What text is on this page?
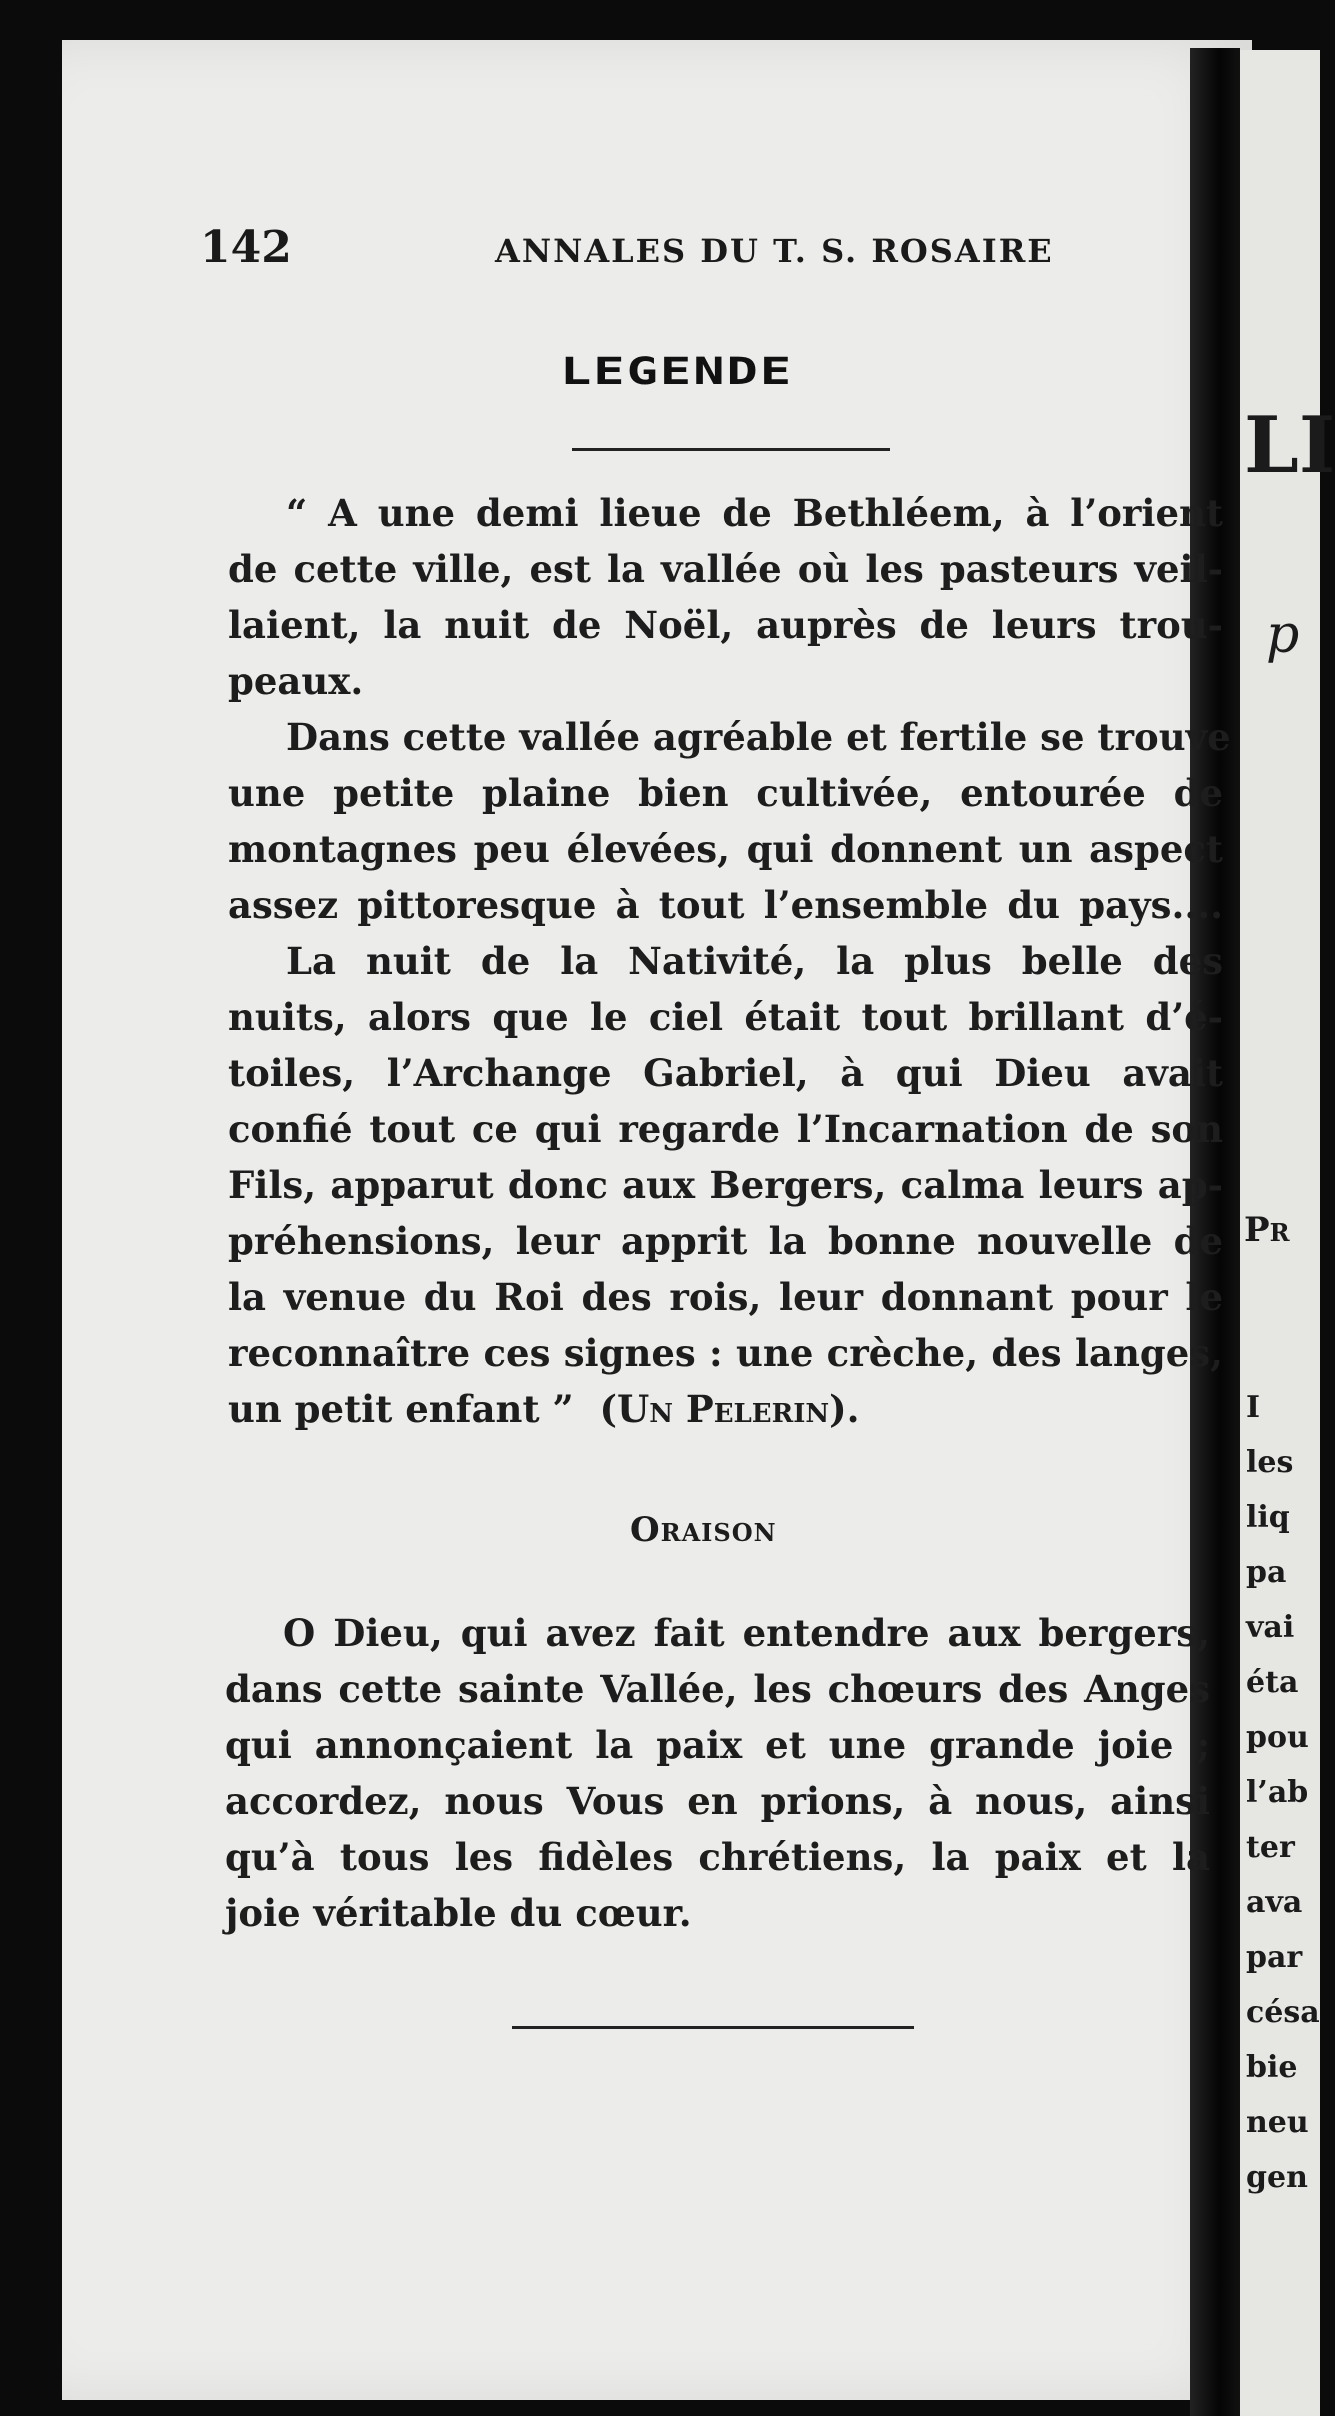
LI
p
Pr
I
les
liq
pa
vai
éta
pou
l’ab
ter
ava
par
césa
bie
neu
gen
142	ANNALES DU T. S. ROSAIRE
LEGENDE
“ A une demi lieue de Bethléem, à l’orient
de cette ville, est la vallée où les pasteurs veil-
laient, la nuit de Noël, auprès de leurs trou-
peaux.
Dans cette vallée agréable et fertile se trouve
une petite plaine bien cultivée, entourée de
montagnes peu élevées, qui donnent un aspect
assez pittoresque à tout l’ensemble du pays....
La nuit de la Nativité, la plus belle des
nuits, alors que le ciel était tout brillant d’é-
toiles, l’Archange Gabriel, à qui Dieu avait
confié tout ce qui regarde l’Incarnation de son
Fils, apparut donc aux Bergers, calma leurs ap-
préhensions, leur apprit la bonne nouvelle de
la venue du Roi des rois, leur donnant pour le
reconnaître ces signes : une crèche, des langes,
un petit enfant ” (Un Pelerin).
Oraison
O Dieu, qui avez fait entendre aux bergers,
dans cette sainte Vallée, les chœurs des Anges
qui annonçaient la paix et une grande joie ;
accordez, nous Vous en prions, à nous, ainsi
qu’à tous les fidèles chrétiens, la paix et la
joie véritable du cœur.
